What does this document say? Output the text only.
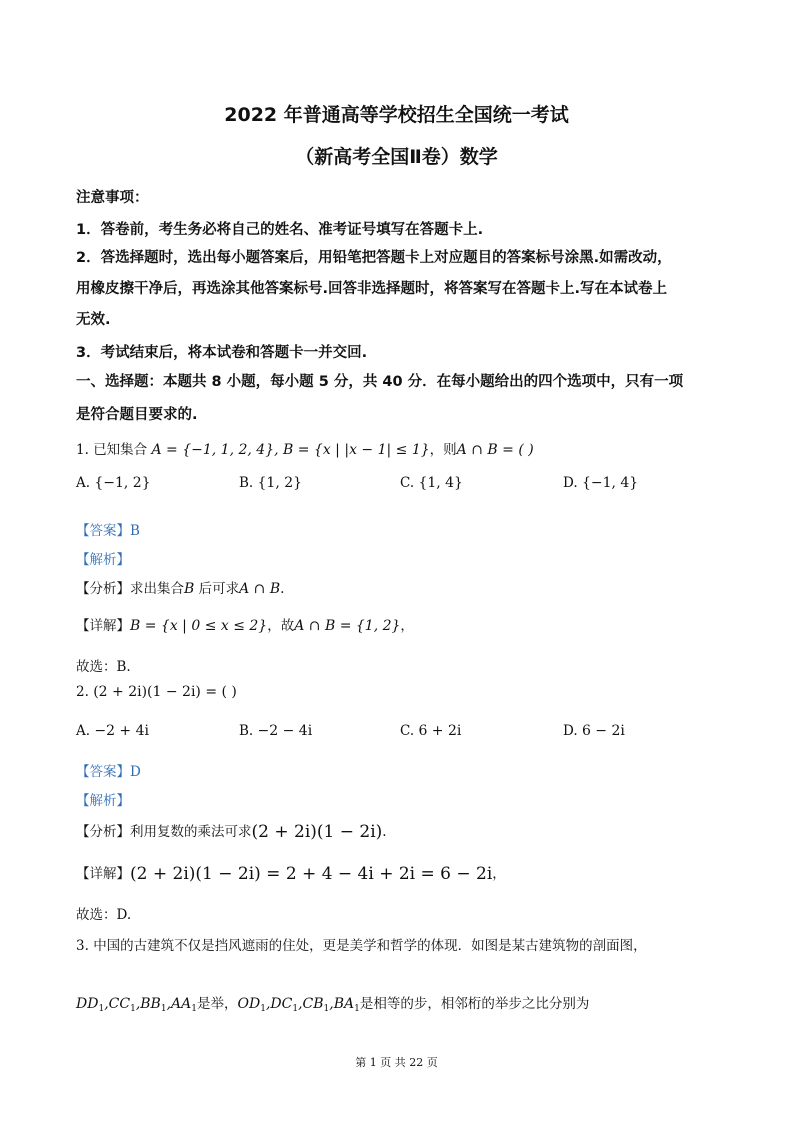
2022 年普通高等学校招生全国统一考试
（新高考全国Ⅱ卷）数学
注意事项：
1．答卷前，考生务必将自己的姓名、准考证号填写在答题卡上.
2．答选择题时，选出每小题答案后，用铅笔把答题卡上对应题目的答案标号涂黑.如需改动，
用橡皮擦干净后，再选涂其他答案标号.回答非选择题时，将答案写在答题卡上.写在本试卷上
无效.
3．考试结束后，将本试卷和答题卡一并交回.
一、选择题：本题共 8 小题，每小题 5 分，共 40 分．在每小题给出的四个选项中，只有一项
是符合题目要求的.
1. 已知集合 A = {−1, 1, 2, 4}, B = {x | |x − 1| ≤ 1}，则A ∩ B = ( )
A. {−1, 2}	B. {1, 2}	C. {1, 4}	D. {−1, 4}
【答案】B
【解析】
【分析】求出集合B 后可求A ∩ B.
【详解】B = {x | 0 ≤ x ≤ 2}，故A ∩ B = {1, 2}，
故选：B.
2. (2 + 2i)(1 − 2i) = ( )
A. −2 + 4i	B. −2 − 4i	C. 6 + 2i	D. 6 − 2i
【答案】D
【解析】
【分析】利用复数的乘法可求(2 + 2i)(1 − 2i).
【详解】(2 + 2i)(1 − 2i) = 2 + 4 − 4i + 2i = 6 − 2i，
故选：D.
3. 中国的古建筑不仅是挡风遮雨的住处，更是美学和哲学的体现．如图是某古建筑物的剖面图，
$DD_1,CC_1,BB_1,AA_1$是举，$OD_1,DC_1,CB_1,BA_1$是相等的步，相邻桁的举步之比分别为
第 1 页 共 22 页
